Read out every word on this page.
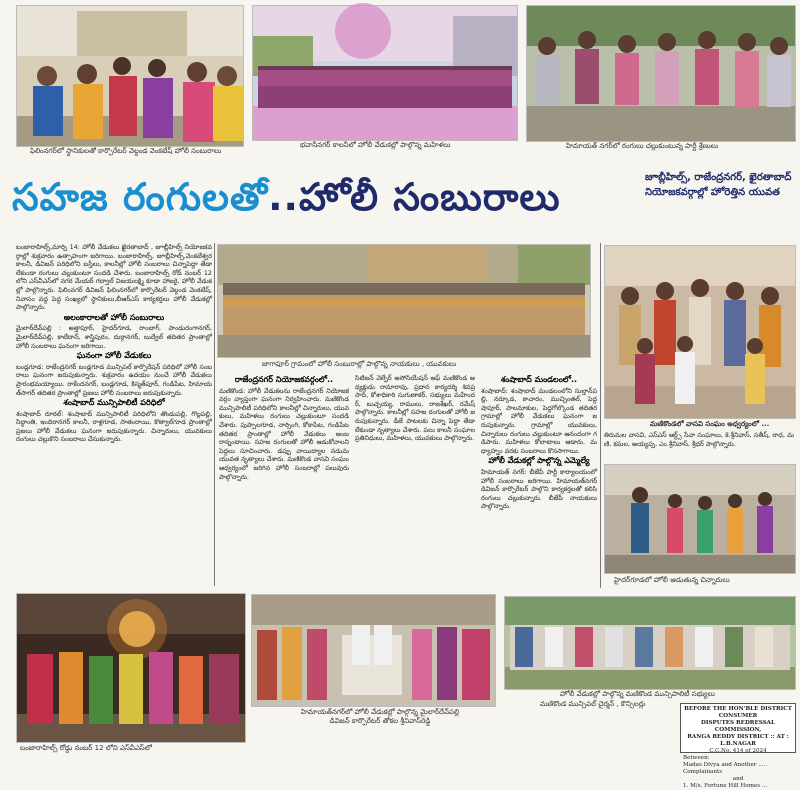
ఫిలింనగర్‌లో స్థానికులతో కార్పొరేటర్ వెల్దండ వెంకటేష్ హోలీ సంబురాలు
భవానీనగర్ కాలనీలో హోలీ వేడుకల్లో పాల్గొన్న మహిళలు	హిమాయత్ నగర్‌లో రంగులు చల్లుకుంటున్న పార్టీ శ్రేణులు
సహజ రంగులతో..హోలీ సంబురాలు	జూబ్లీహిల్స్, రాజేంద్రనగర్, ఖైరతాబాద్ నియోజకవర్గాల్లో హోరెత్తిన యువత
బంజారాహిల్స్,మార్చి 14: హోలీ వేడుకలు ఖైరతాబాద్ , జూబ్లీహిల్స్ నియోజకవర్గాల్లో శుక్రవారం ఉత్సాహంగా జరిగాయి. బంజారాహిల్స్, జూబ్లీహిల్స్,వెంకటేశ్వరకాలనీ, డివిజన్ పరిధిలోని బస్తీలు, కాలనీల్లో హోలీ సంబరాలు చిన్నాపెద్దా తేడా లేకుండా రంగులు చల్లుకుంటూ సందడి చేశారు. బంజారాహిల్స్ రోడ్ నంబర్ 12లోని ఎస్‌వీఎస్‌లో నగర మేయర్ గద్వాల్ విజయలక్ష్మి కూడా హాజరై, హోలీ వేడుకల్లో పాల్గొన్నారు. ఫిలింనగర్ డివిజన్ ఫిలింనగర్‌లో కార్పొరేటర్ వెల్దండ వెంకటేష్, నివాసం వద్ద పెద్ద సంఖ్యలో స్థానికులు,బీఆర్‌ఎస్ కార్యకర్తలు హోలీ వేడుకల్లో పాల్గొన్నారు.
అలంకారాలతో హోలీ సంబురాలు
మైలార్‌దేవ్‌పల్లి : అత్తాపూర్, హైదర్‌గూడ, రాంబాగ్, పాండురంగానగర్, మైలార్‌దేవ్‌పల్లి, కాటేదాన్, శాస్త్రిపురం, దుర్గానగర్, బుద్వేల్ తదితర ప్రాంతాల్లో హోలీ సంబరాలు ఘనంగా జరిగాయి.
ఘనంగా హోలీ వేడుకలు
బండ్లగూడ: రాజేంద్రనగర్ బండ్లగూడ మున్సిపల్ కార్పొరేషన్ పరిధిలో హోలీ సంబరాలు ఘనంగా జరుపుకున్నారు. శుక్రవారం ఉదయం నుంచే హోలీ వేడుకలు ప్రారంభమయ్యాయి. రాకేందనగర్, బండ్లగూడ, కిస్మత్‌పూర్, గండిపేట, హిమాయత్‌సాగర్ తదితర ప్రాంతాల్లో ప్రజలు హోలీ సంబరాలు జరుపుకున్నారు.
శంషాబాద్ మున్సిపాలిటీ పరిధిలో
శంషాబాద్ రూరల్: శంషాబాద్ మున్సిపాలిటీ పరిధిలోని తొండుపల్లి, గొల్లపల్లి, సిద్ధాంతి, ఇందిరానగర్ కాలనీ, రాళ్లగూడ, సాతంరాయి, కొత్వాల్‌గూడ ప్రాంతాల్లో ప్రజలు హోలీ వేడుకలు ఘనంగా జరుపుకున్నారు. చిన్నారులు, యువకులు రంగులు చల్లుకొని సంబరాలు చేసుకున్నారు.
జాగాపూర్ గ్రామంలో హోలీ సంబురాల్లో పాల్గొన్న నాయకులు , యువకులు
మణికొండలో వాసవి సంఘం అధ్వర్యంలో ...
తిరుమల వాసవి, ఎస్‌ఎస్ ఆర్ట్స్ సేవా సంఘాలు, కె.శ్రీనివాస్, సతీష్, రాధ, మణి, కమల, అయ్యప్ప, ఎం.శ్రీనివాస్, శ్రీధర్ పాల్గొన్నారు.
రాజేంద్రనగర్ నియోజకవర్గంలో..
మణికొండ: హోలీ వేడుకలను రాజేంద్రనగర్ నియోజకవర్గం వ్యాప్తంగా ఘనంగా నిర్వహించారు. మణికొండ మున్సిపాలిటీ పరిధిలోని కాలనీల్లో చిన్నారులు, యువకులు, మహిళలు రంగులు చల్లుకుంటూ సందడి చేశారు. పుప్పాలగూడ, నార్సింగి, కోకాపేట, గండిపేట తదితర ప్రాంతాల్లో హోలీ వేడుకలు అంబరాన్నంటాయి. సహజ రంగులతో హోలీ ఆడుకోవాలని పెద్దలు సూచించారు. డప్పు వాయిద్యాల నడుమ యువత నృత్యాలు చేశారు. మణికొండ వాసవి సంఘం ఆధ్వర్యంలో జరిగిన హోలీ సంబరాల్లో పలువురు పాల్గొన్నారు.
సిటిజన్ వెల్ఫేర్ అసోసియేషన్ ఆఫ్ మణికొండ అధ్యక్షుడు రామారావు, ప్రధాన కార్యదర్శి శివప్రసాద్, కోశాధికారి సుగుణాకర్, సభ్యులు మహేందర్, బుచ్చయ్య, రాములు, రాజశేఖర్, రమేష్ పాల్గొన్నారు. కాలనీల్లో సహజ రంగులతో హోలీ జరుపుకున్నారు. డీజే పాటలకు చిన్నా పెద్దా తేడా లేకుండా నృత్యాలు చేశారు. పలు కాలనీ సంఘాల ప్రతినిధులు, మహిళలు, యువకులు పాల్గొన్నారు.
శంషాబాద్ మండలంలో..
శంషాబాద్: శంషాబాద్ మండలంలోని సుల్తాన్‌పల్లి, నర్కూడ, కాచారం, ముచ్చింతల్, పెద్దషాపూర్, పాలమాకుల, పెద్దగోల్కొండ తదితర గ్రామాల్లో హోలీ వేడుకలు ఘనంగా జరుపుకున్నారు. గ్రామాల్లో యువకులు, చిన్నారులు రంగులు చల్లుకుంటూ ఆనందంగా గడిపారు. మహిళలు కోలాటాలు ఆడారు. మధ్యాహ్నం వరకు సంబరాలు కొనసాగాయి.
హోలీ వేడుకల్లో పాల్గొన్న ఎమ్మెల్యే
హిమాయత్ నగర్: బీజేపీ పార్టీ కార్యాలయంలో హోలీ సంబరాలు జరిగాయి. హిమాయత్‌నగర్ డివిజన్ కార్పొరేటర్ పాల్గొని కార్యకర్తలతో కలిసి రంగులు చల్లుకున్నారు. బీజేపీ నాయకులు పాల్గొన్నారు.
హైదర్‌గూడలో హోలీ ఆడుతున్న చిన్నారులు
బంజారాహిల్స్ రోడ్డు నంబర్ 12 లోని ఎస్‌వీఎస్‌లో
హిమాయత్‌నగర్‌లో హోలీ వేడుకల్లో పాల్గొన్న మైలార్‌దేవ్‌పల్లి డివిజన్ కార్పొరేటర్ తోకల శ్రీనివాస్‌రెడ్డి
హోలీ వేడుకల్లో పాల్గొన్న మణికొండ మున్సిపాలిటీ సభ్యులు
మణికొండ మున్సిపల్ చైర్మన్ , కౌన్సిలర్లు
BEFORE THE HON'BLE DISTRICT CONSUMER
DISPUTES REDRESSAL COMMISSION,
RANGA REDDY DISTRICT :: AT : L.B.NAGAR
C.C.No. 414 of 2024
Between:
Madas Divya and Another ..... Complainants
and
1. M/s. Fortune Hill Homes ...
